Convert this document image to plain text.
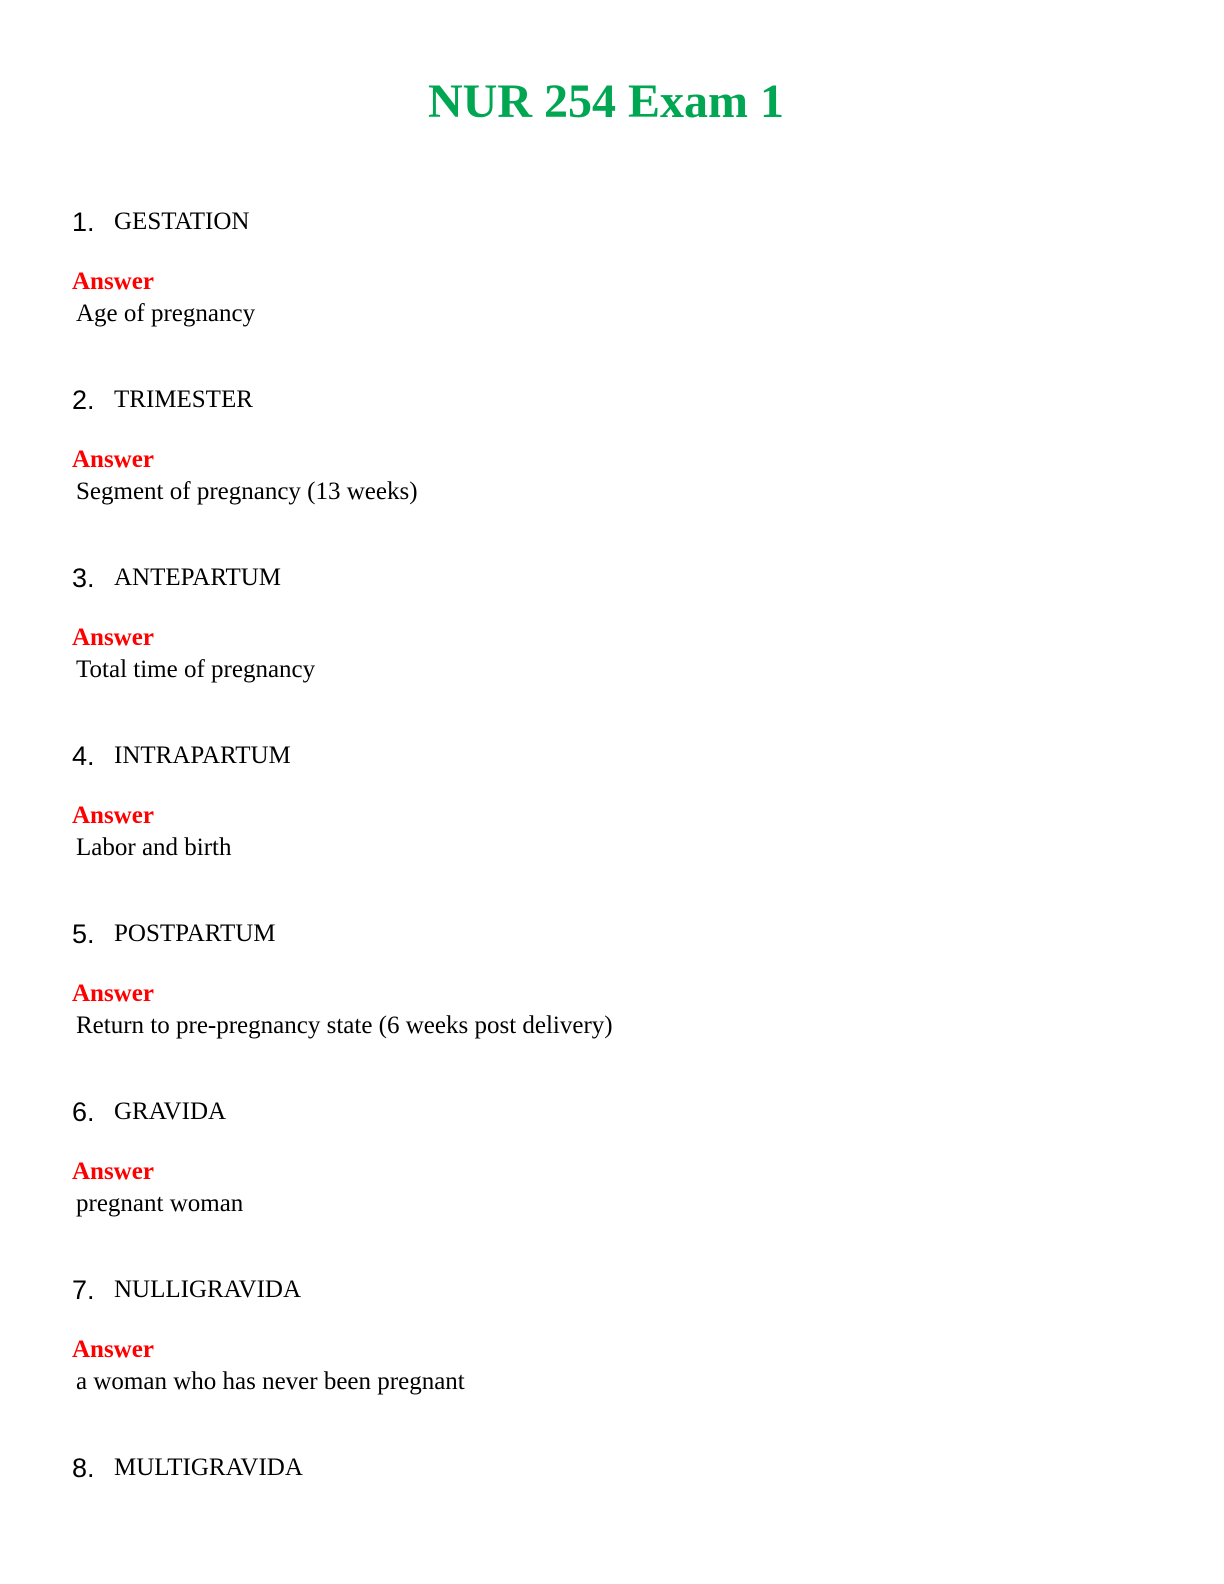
NUR 254 Exam 1
1. GESTATION
Answer
Age of pregnancy
2. TRIMESTER
Answer
Segment of pregnancy (13 weeks)
3. ANTEPARTUM
Answer
Total time of pregnancy
4. INTRAPARTUM
Answer
Labor and birth
5. POSTPARTUM
Answer
Return to pre-pregnancy state (6 weeks post delivery)
6. GRAVIDA
Answer
pregnant woman
7. NULLIGRAVIDA
Answer
a woman who has never been pregnant
8. MULTIGRAVIDA
